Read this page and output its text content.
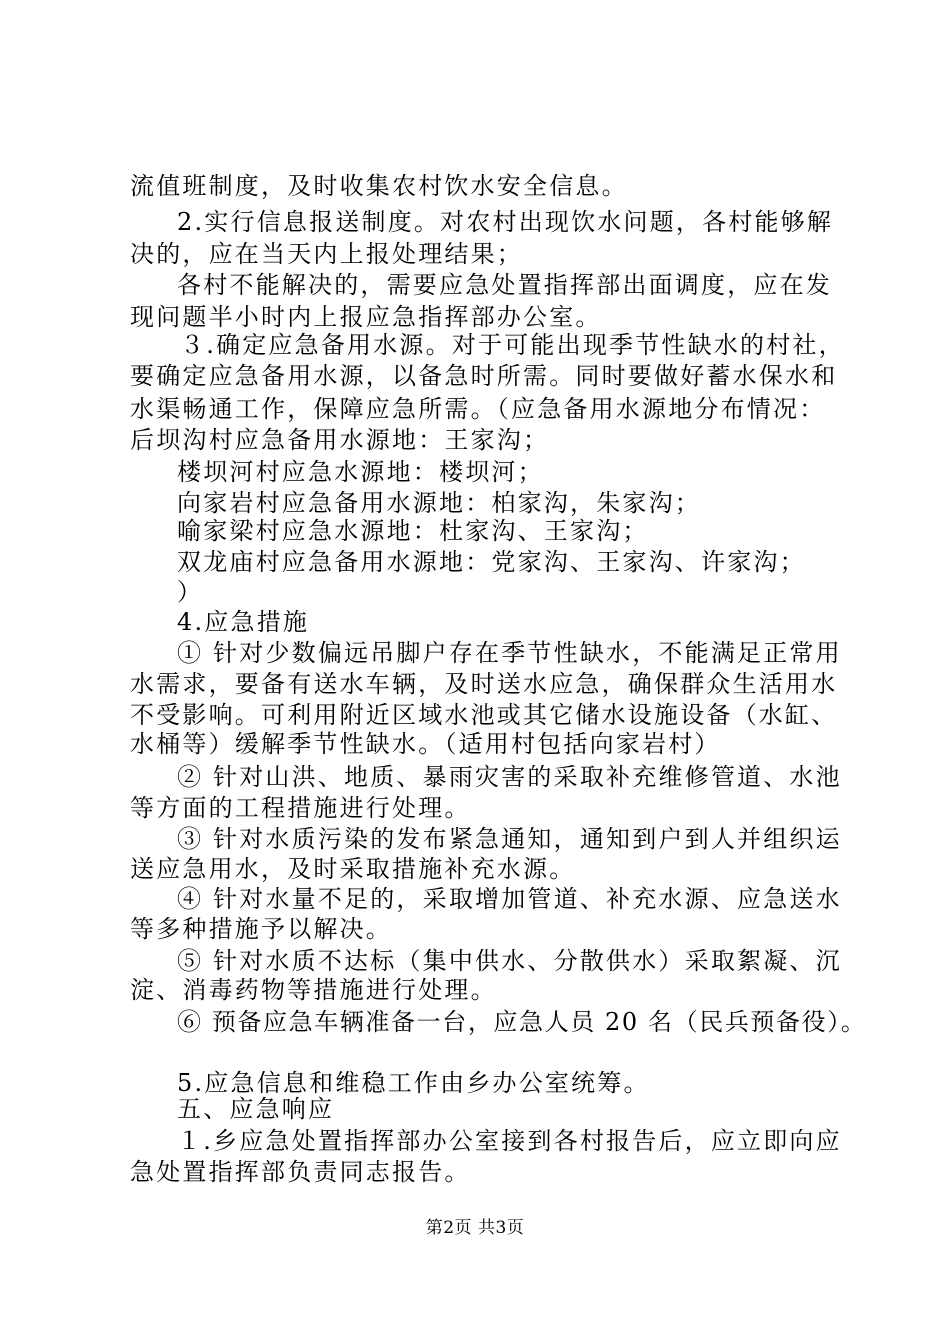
流值班制度，及时收集农村饮水安全信息。
2.实行信息报送制度。对农村出现饮水问题，各村能够解
决的，应在当天内上报处理结果；
各村不能解决的，需要应急处置指挥部出面调度，应在发
现问题半小时内上报应急指挥部办公室。
３.确定应急备用水源。对于可能出现季节性缺水的村社，
要确定应急备用水源，以备急时所需。同时要做好蓄水保水和
水渠畅通工作，保障应急所需。（应急备用水源地分布情况：
后坝沟村应急备用水源地：王家沟；
楼坝河村应急水源地：楼坝河；
向家岩村应急备用水源地：柏家沟，朱家沟；
喻家梁村应急水源地：杜家沟、王家沟；
双龙庙村应急备用水源地：党家沟、王家沟、许家沟；
）
4.应急措施
① 针对少数偏远吊脚户存在季节性缺水，不能满足正常用
水需求，要备有送水车辆，及时送水应急，确保群众生活用水
不受影响。可利用附近区域水池或其它储水设施设备（水缸、
水桶等）缓解季节性缺水。（适用村包括向家岩村）
② 针对山洪、地质、暴雨灾害的采取补充维修管道、水池
等方面的工程措施进行处理。
③ 针对水质污染的发布紧急通知，通知到户到人并组织运
送应急用水，及时采取措施补充水源。
④ 针对水量不足的，采取增加管道、补充水源、应急送水
等多种措施予以解决。
⑤ 针对水质不达标（集中供水、分散供水）采取絮凝、沉
淀、消毒药物等措施进行处理。
⑥ 预备应急车辆准备一台，应急人员 20 名（民兵预备役）。
5.应急信息和维稳工作由乡办公室统筹。
五、应急响应
１.乡应急处置指挥部办公室接到各村报告后，应立即向应
急处置指挥部负责同志报告。
第2页 共3页
